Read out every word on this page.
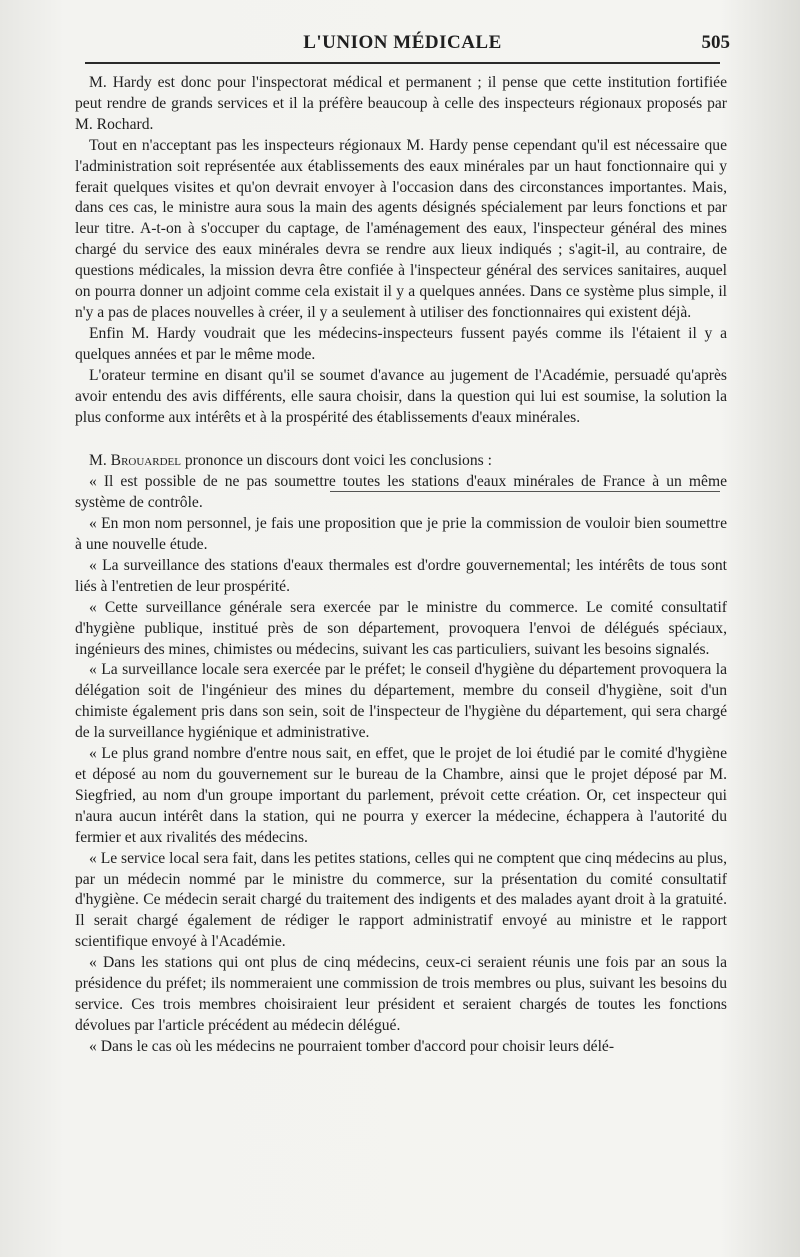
L'UNION MÉDICALE	505

M. Hardy est donc pour l'inspectorat médical et permanent ; il pense que cette institution fortifiée peut rendre de grands services et il la préfère beaucoup à celle des inspecteurs régionaux proposés par M. Rochard.

Tout en n'acceptant pas les inspecteurs régionaux M. Hardy pense cependant qu'il est nécessaire que l'administration soit représentée aux établissements des eaux minérales par un haut fonctionnaire qui y ferait quelques visites et qu'on devrait envoyer à l'occasion dans des circonstances importantes. Mais, dans ces cas, le ministre aura sous la main des agents désignés spécialement par leurs fonctions et par leur titre. A-t-on à s'occuper du captage, de l'aménagement des eaux, l'inspecteur général des mines chargé du service des eaux minérales devra se rendre aux lieux indiqués ; s'agit-il, au contraire, de questions médicales, la mission devra être confiée à l'inspecteur général des services sanitaires, auquel on pourra donner un adjoint comme cela existait il y a quelques années. Dans ce système plus simple, il n'y a pas de places nouvelles à créer, il y a seulement à utiliser des fonctionnaires qui existent déjà.

Enfin M. Hardy voudrait que les médecins-inspecteurs fussent payés comme ils l'étaient il y a quelques années et par le même mode.

L'orateur termine en disant qu'il se soumet d'avance au jugement de l'Académie, persuadé qu'après avoir entendu des avis différents, elle saura choisir, dans la question qui lui est soumise, la solution la plus conforme aux intérêts et à la prospérité des établissements d'eaux minérales.

M. Brouardel prononce un discours dont voici les conclusions :

« Il est possible de ne pas soumettre toutes les stations d'eaux minérales de France à un même système de contrôle.

« En mon nom personnel, je fais une proposition que je prie la commission de vouloir bien soumettre à une nouvelle étude.

« La surveillance des stations d'eaux thermales est d'ordre gouvernemental; les intérêts de tous sont liés à l'entretien de leur prospérité.

« Cette surveillance générale sera exercée par le ministre du commerce. Le comité consultatif d'hygiène publique, institué près de son département, provoquera l'envoi de délégués spéciaux, ingénieurs des mines, chimistes ou médecins, suivant les cas particuliers, suivant les besoins signalés.

« La surveillance locale sera exercée par le préfet; le conseil d'hygiène du département provoquera la délégation soit de l'ingénieur des mines du département, membre du conseil d'hygiène, soit d'un chimiste également pris dans son sein, soit de l'inspecteur de l'hygiène du département, qui sera chargé de la surveillance hygiénique et administrative.

« Le plus grand nombre d'entre nous sait, en effet, que le projet de loi étudié par le comité d'hygiène et déposé au nom du gouvernement sur le bureau de la Chambre, ainsi que le projet déposé par M. Siegfried, au nom d'un groupe important du parlement, prévoit cette création. Or, cet inspecteur qui n'aura aucun intérêt dans la station, qui ne pourra y exercer la médecine, échappera à l'autorité du fermier et aux rivalités des médecins.

« Le service local sera fait, dans les petites stations, celles qui ne comptent que cinq médecins au plus, par un médecin nommé par le ministre du commerce, sur la présentation du comité consultatif d'hygiène. Ce médecin serait chargé du traitement des indigents et des malades ayant droit à la gratuité. Il serait chargé également de rédiger le rapport administratif envoyé au ministre et le rapport scientifique envoyé à l'Académie.

« Dans les stations qui ont plus de cinq médecins, ceux-ci seraient réunis une fois par an sous la présidence du préfet; ils nommeraient une commission de trois membres ou plus, suivant les besoins du service. Ces trois membres choisiraient leur président et seraient chargés de toutes les fonctions dévolues par l'article précédent au médecin délégué.

« Dans le cas où les médecins ne pourraient tomber d'accord pour choisir leurs délé-
